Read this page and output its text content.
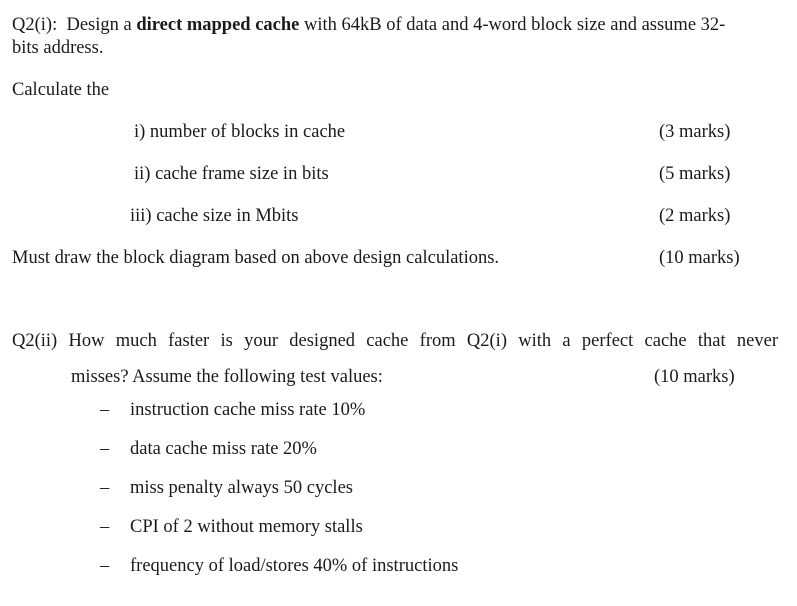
Q2(i): Design a direct mapped cache with 64kB of data and 4-word block size and assume 32-
bits address.
Calculate the
i) number of blocks in cache	(3 marks)
ii) cache frame size in bits	(5 marks)
iii) cache size in Mbits	(2 marks)
Must draw the block diagram based on above design calculations.	(10 marks)
Q2(ii) How much faster is your designed cache from Q2(i) with a perfect cache that never
misses? Assume the following test values:	(10 marks)
– instruction cache miss rate 10%
– data cache miss rate 20%
– miss penalty always 50 cycles
– CPI of 2 without memory stalls
– frequency of load/stores 40% of instructions
